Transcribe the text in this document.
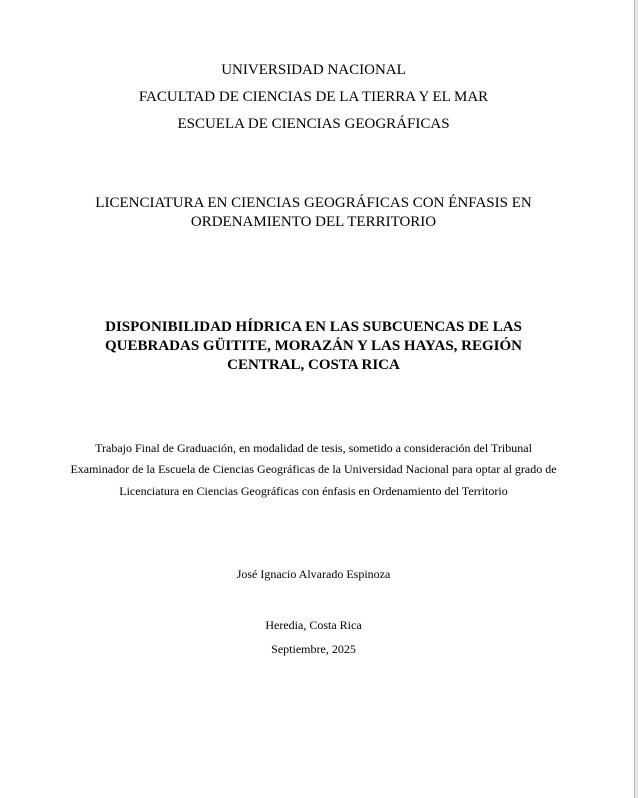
UNIVERSIDAD NACIONAL
FACULTAD DE CIENCIAS DE LA TIERRA Y EL MAR
ESCUELA DE CIENCIAS GEOGRÁFICAS
LICENCIATURA EN CIENCIAS GEOGRÁFICAS CON ÉNFASIS EN
ORDENAMIENTO DEL TERRITORIO
DISPONIBILIDAD HÍDRICA EN LAS SUBCUENCAS DE LAS
QUEBRADAS GÜITITE, MORAZÁN Y LAS HAYAS, REGIÓN
CENTRAL, COSTA RICA
Trabajo Final de Graduación, en modalidad de tesis, sometido a consideración del Tribunal
Examinador de la Escuela de Ciencias Geográficas de la Universidad Nacional para optar al grado de
Licenciatura en Ciencias Geográficas con énfasis en Ordenamiento del Territorio
José Ignacio Alvarado Espinoza
Heredia, Costa Rica
Septiembre, 2025
